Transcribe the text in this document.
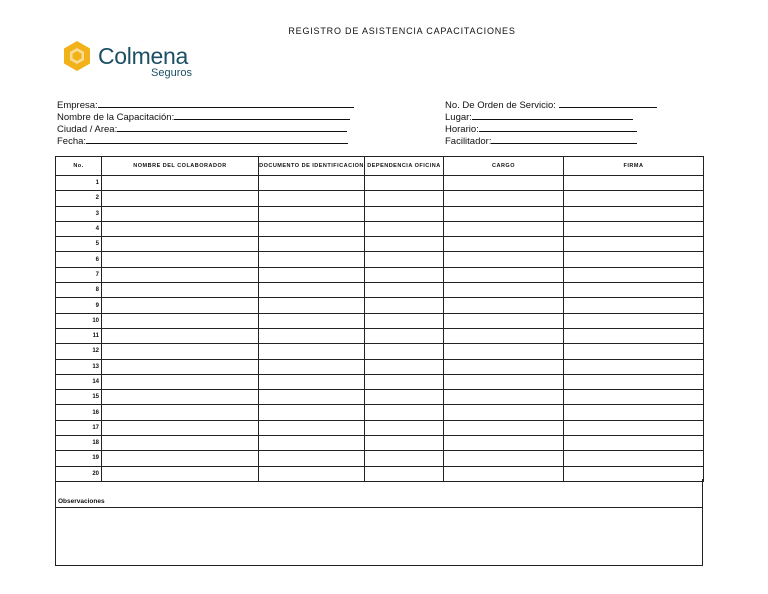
REGISTRO DE ASISTENCIA CAPACITACIONES
Colmena
Seguros
Empresa:
Nombre de la Capacitación:
Ciudad / Area:
Fecha:
No. De Orden de Servicio:
Lugar:
Horario:
Facilitador:
No.	NOMBRE DEL COLABORADOR	DOCUMENTO DE IDENTIFICACION	DEPENDENCIA OFICINA	CARGO	FIRMA
1					
2					
3					
4					
5					
6					
7					
8					
9					
10					
11					
12					
13					
14					
15					
16					
17					
18					
19					
20					
Observaciones
